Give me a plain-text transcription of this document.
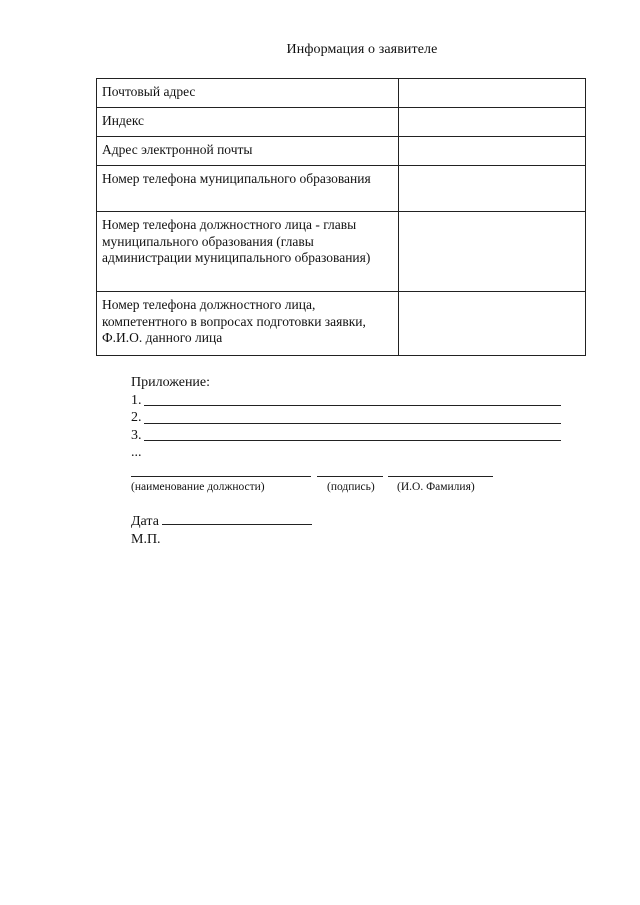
Информация о заявителе
Почтовый адрес	
Индекс	
Адрес электронной почты	
Номер телефона муниципального образования	
Номер телефона должностного лица - главы муниципального образования (главы администрации муниципального образования)	
Номер телефона должностного лица, компетентного в вопросах подготовки заявки, Ф.И.О. данного лица	
Приложение:
1.
2.
3.
...
(наименование должности)	(подпись) (И.О. Фамилия)
Дата
М.П.
